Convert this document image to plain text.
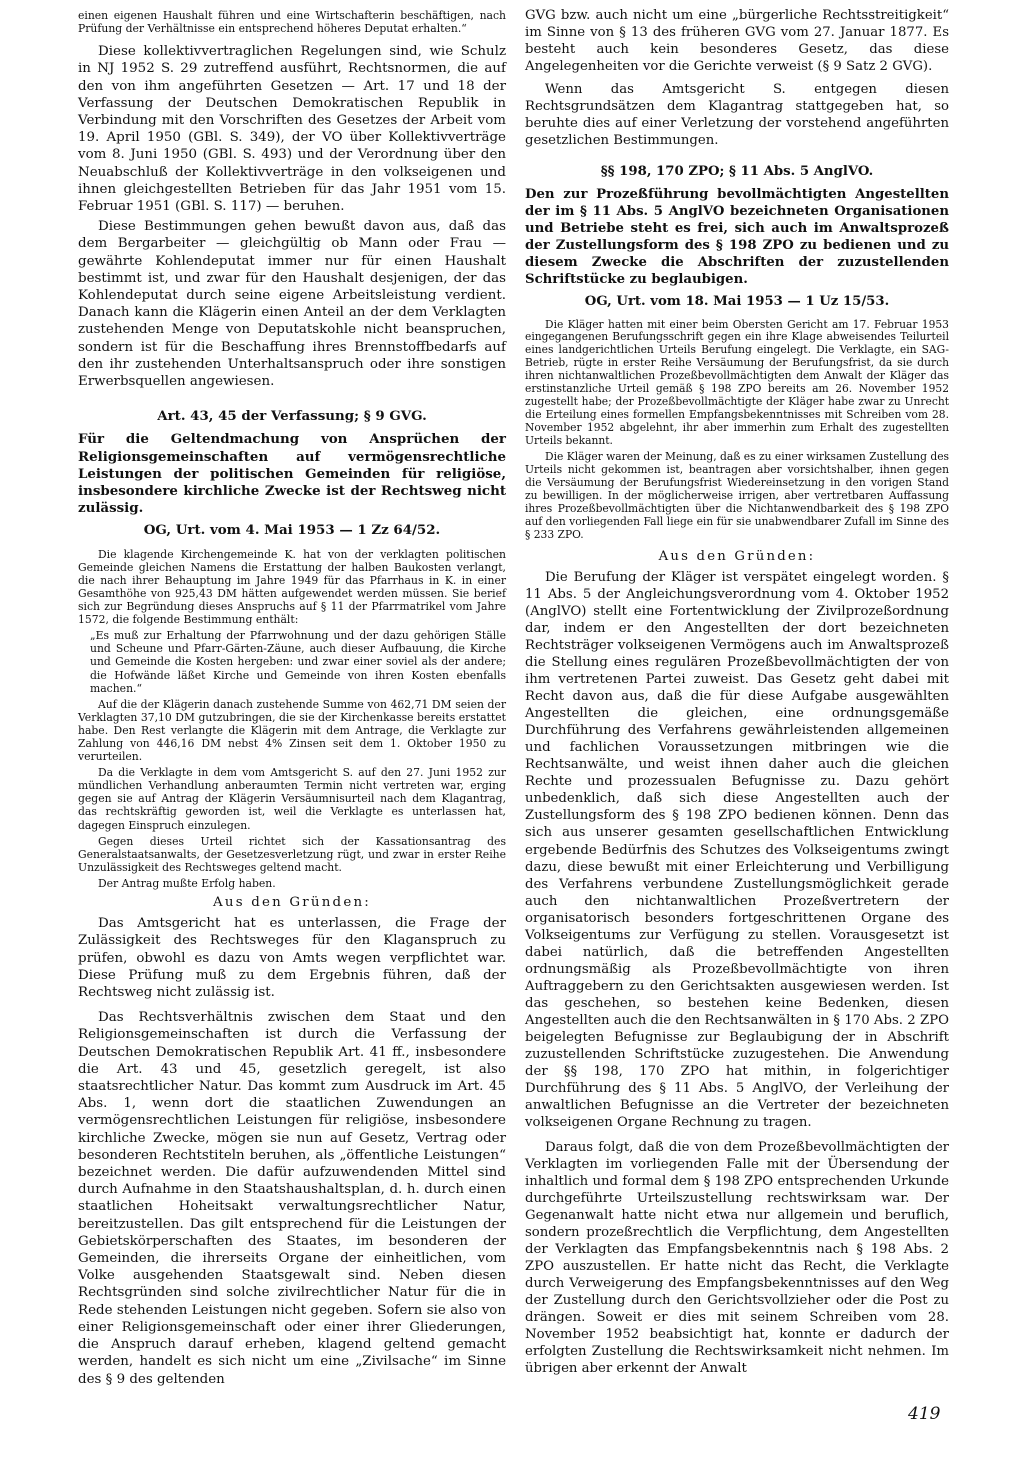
einen eigenen Haushalt führen und eine Wirtschafterin beschäftigen, nach Prüfung der Verhältnisse ein entsprechend höheres Deputat erhalten.“

Diese kollektivvertraglichen Regelungen sind, wie Schulz in NJ 1952 S. 29 zutreffend ausführt, Rechtsnormen, die auf den von ihm angeführten Gesetzen — Art. 17 und 18 der Verfassung der Deutschen Demokratischen Republik in Verbindung mit den Vorschriften des Gesetzes der Arbeit vom 19. April 1950 (GBl. S. 349), der VO über Kollektivverträge vom 8. Juni 1950 (GBl. S. 493) und der Verordnung über den Neuabschluß der Kollektivverträge in den volkseigenen und ihnen gleichgestellten Betrieben für das Jahr 1951 vom 15. Februar 1951 (GBl. S. 117) — beruhen.

Diese Bestimmungen gehen bewußt davon aus, daß das dem Bergarbeiter — gleichgültig ob Mann oder Frau — gewährte Kohlendeputat immer nur für einen Haushalt bestimmt ist, und zwar für den Haushalt desjenigen, der das Kohlendeputat durch seine eigene Arbeitsleistung verdient. Danach kann die Klägerin einen Anteil an der dem Verklagten zustehenden Menge von Deputatskohle nicht beanspruchen, sondern ist für die Beschaffung ihres Brennstoffbedarfs auf den ihr zustehenden Unterhaltsanspruch oder ihre sonstigen Erwerbsquellen angewiesen.

Art. 43, 45 der Verfassung; § 9 GVG.

Für die Geltendmachung von Ansprüchen der Religionsgemeinschaften auf vermögensrechtliche Leistungen der politischen Gemeinden für religiöse, insbesondere kirchliche Zwecke ist der Rechtsweg nicht zulässig.

OG, Urt. vom 4. Mai 1953 — 1 Zz 64/52.

Die klagende Kirchengemeinde K. hat von der verklagten politischen Gemeinde gleichen Namens die Erstattung der halben Baukosten verlangt, die nach ihrer Behauptung im Jahre 1949 für das Pfarrhaus in K. in einer Gesamthöhe von 925,43 DM hätten aufgewendet werden müssen. Sie berief sich zur Begründung dieses Anspruchs auf § 11 der Pfarrmatrikel vom Jahre 1572, die folgende Bestimmung enthält:

„Es muß zur Erhaltung der Pfarrwohnung und der dazu gehörigen Ställe und Scheune und Pfarr-Gärten-Zäune, auch dieser Aufbauung, die Kirche und Gemeinde die Kosten hergeben: und zwar einer soviel als der andere; die Hofwände läßet Kirche und Gemeinde von ihren Kosten ebenfalls machen.“

Auf die der Klägerin danach zustehende Summe von 462,71 DM seien der Verklagten 37,10 DM gutzubringen, die sie der Kirchenkasse bereits erstattet habe. Den Rest verlangte die Klägerin mit dem Antrage, die Verklagte zur Zahlung von 446,16 DM nebst 4% Zinsen seit dem 1. Oktober 1950 zu verurteilen.

Da die Verklagte in dem vom Amtsgericht S. auf den 27. Juni 1952 zur mündlichen Verhandlung anberaumten Termin nicht vertreten war, erging gegen sie auf Antrag der Klägerin Versäumnisurteil nach dem Klagantrag, das rechtskräftig geworden ist, weil die Verklagte es unterlassen hat, dagegen Einspruch einzulegen.

Gegen dieses Urteil richtet sich der Kassationsantrag des Generalstaatsanwalts, der Gesetzesverletzung rügt, und zwar in erster Reihe Unzulässigkeit des Rechtsweges geltend macht.

Der Antrag mußte Erfolg haben.

Aus den Gründen:

Das Amtsgericht hat es unterlassen, die Frage der Zulässigkeit des Rechtsweges für den Klaganspruch zu prüfen, obwohl es dazu von Amts wegen verpflichtet war. Diese Prüfung muß zu dem Ergebnis führen, daß der Rechtsweg nicht zulässig ist.

Das Rechtsverhältnis zwischen dem Staat und den Religionsgemeinschaften ist durch die Verfassung der Deutschen Demokratischen Republik Art. 41 ff., insbesondere die Art. 43 und 45, gesetzlich geregelt, ist also staatsrechtlicher Natur. Das kommt zum Ausdruck im Art. 45 Abs. 1, wenn dort die staatlichen Zuwendungen an vermögensrechtlichen Leistungen für religiöse, insbesondere kirchliche Zwecke, mögen sie nun auf Gesetz, Vertrag oder besonderen Rechtstiteln beruhen, als „öffentliche Leistungen“ bezeichnet werden. Die dafür aufzuwendenden Mittel sind durch Aufnahme in den Staatshaushaltsplan, d. h. durch einen staatlichen Hoheitsakt verwaltungsrechtlicher Natur, bereitzustellen. Das gilt entsprechend für die Leistungen der Gebietskörperschaften des Staates, im besonderen der Gemeinden, die ihrerseits Organe der einheitlichen, vom Volke ausgehenden Staatsgewalt sind. Neben diesen Rechtsgründen sind solche zivilrechtlicher Natur für die in Rede stehenden Leistungen nicht gegeben. Sofern sie also von einer Religionsgemeinschaft oder einer ihrer Gliederungen, die Anspruch darauf erheben, klagend geltend gemacht werden, handelt es sich nicht um eine „Zivilsache“ im Sinne des § 9 des geltenden

GVG bzw. auch nicht um eine „bürgerliche Rechtsstreitigkeit“ im Sinne von § 13 des früheren GVG vom 27. Januar 1877. Es besteht auch kein besonderes Gesetz, das diese Angelegenheiten vor die Gerichte verweist (§ 9 Satz 2 GVG).

Wenn das Amtsgericht S. entgegen diesen Rechtsgrundsätzen dem Klagantrag stattgegeben hat, so beruhte dies auf einer Verletzung der vorstehend angeführten gesetzlichen Bestimmungen.

§§ 198, 170 ZPO; § 11 Abs. 5 AnglVO.

Den zur Prozeßführung bevollmächtigten Angestellten der im § 11 Abs. 5 AnglVO bezeichneten Organisationen und Betriebe steht es frei, sich auch im Anwaltsprozeß der Zustellungsform des § 198 ZPO zu bedienen und zu diesem Zwecke die Abschriften der zuzustellenden Schriftstücke zu beglaubigen.

OG, Urt. vom 18. Mai 1953 — 1 Uz 15/53.

Die Kläger hatten mit einer beim Obersten Gericht am 17. Februar 1953 eingegangenen Berufungsschrift gegen ein ihre Klage abweisendes Teilurteil eines landgerichtlichen Urteils Berufung eingelegt. Die Verklagte, ein SAG-Betrieb, rügte in erster Reihe Versäumung der Berufungsfrist, da sie durch ihren nichtanwaltlichen Prozeßbevollmächtigten dem Anwalt der Kläger das erstinstanzliche Urteil gemäß § 198 ZPO bereits am 26. November 1952 zugestellt habe; der Prozeßbevollmächtigte der Kläger habe zwar zu Unrecht die Erteilung eines formellen Empfangsbekenntnisses mit Schreiben vom 28. November 1952 abgelehnt, ihr aber immerhin zum Erhalt des zugestellten Urteils bekannt.

Die Kläger waren der Meinung, daß es zu einer wirksamen Zustellung des Urteils nicht gekommen ist, beantragen aber vorsichtshalber, ihnen gegen die Versäumung der Berufungsfrist Wiedereinsetzung in den vorigen Stand zu bewilligen. In der möglicherweise irrigen, aber vertretbaren Auffassung ihres Prozeßbevollmächtigten über die Nichtanwendbarkeit des § 198 ZPO auf den vorliegenden Fall liege ein für sie unabwendbarer Zufall im Sinne des § 233 ZPO.

Aus den Gründen:

Die Berufung der Kläger ist verspätet eingelegt worden. § 11 Abs. 5 der Angleichungsverordnung vom 4. Oktober 1952 (AnglVO) stellt eine Fortentwicklung der Zivilprozeßordnung dar, indem er den Angestellten der dort bezeichneten Rechtsträger volkseigenen Vermögens auch im Anwaltsprozeß die Stellung eines regulären Prozeßbevollmächtigten der von ihm vertretenen Partei zuweist. Das Gesetz geht dabei mit Recht davon aus, daß die für diese Aufgabe ausgewählten Angestellten die gleichen, eine ordnungsgemäße Durchführung des Verfahrens gewährleistenden allgemeinen und fachlichen Voraussetzungen mitbringen wie die Rechtsanwälte, und weist ihnen daher auch die gleichen Rechte und prozessualen Befugnisse zu. Dazu gehört unbedenklich, daß sich diese Angestellten auch der Zustellungsform des § 198 ZPO bedienen können. Denn das sich aus unserer gesamten gesellschaftlichen Entwicklung ergebende Bedürfnis des Schutzes des Volkseigentums zwingt dazu, diese bewußt mit einer Erleichterung und Verbilligung des Verfahrens verbundene Zustellungsmöglichkeit gerade auch den nichtanwaltlichen Prozeßvertretern der organisatorisch besonders fortgeschrittenen Organe des Volkseigentums zur Verfügung zu stellen. Vorausgesetzt ist dabei natürlich, daß die betreffenden Angestellten ordnungsmäßig als Prozeßbevollmächtigte von ihren Auftraggebern zu den Gerichtsakten ausgewiesen werden. Ist das geschehen, so bestehen keine Bedenken, diesen Angestellten auch die den Rechtsanwälten in § 170 Abs. 2 ZPO beigelegten Befugnisse zur Beglaubigung der in Abschrift zuzustellenden Schriftstücke zuzugestehen. Die Anwendung der §§ 198, 170 ZPO hat mithin, in folgerichtiger Durchführung des § 11 Abs. 5 AnglVO, der Verleihung der anwaltlichen Befugnisse an die Vertreter der bezeichneten volkseigenen Organe Rechnung zu tragen.

Daraus folgt, daß die von dem Prozeßbevollmächtigten der Verklagten im vorliegenden Falle mit der Übersendung der inhaltlich und formal dem § 198 ZPO entsprechenden Urkunde durchgeführte Urteilszustellung rechtswirksam war. Der Gegenanwalt hatte nicht etwa nur allgemein und beruflich, sondern prozeßrechtlich die Verpflichtung, dem Angestellten der Verklagten das Empfangsbekenntnis nach § 198 Abs. 2 ZPO auszustellen. Er hatte nicht das Recht, die Verklagte durch Verweigerung des Empfangsbekenntnisses auf den Weg der Zustellung durch den Gerichtsvollzieher oder die Post zu drängen. Soweit er dies mit seinem Schreiben vom 28. November 1952 beabsichtigt hat, konnte er dadurch der erfolgten Zustellung die Rechtswirksamkeit nicht nehmen. Im übrigen aber erkennt der Anwalt

419
